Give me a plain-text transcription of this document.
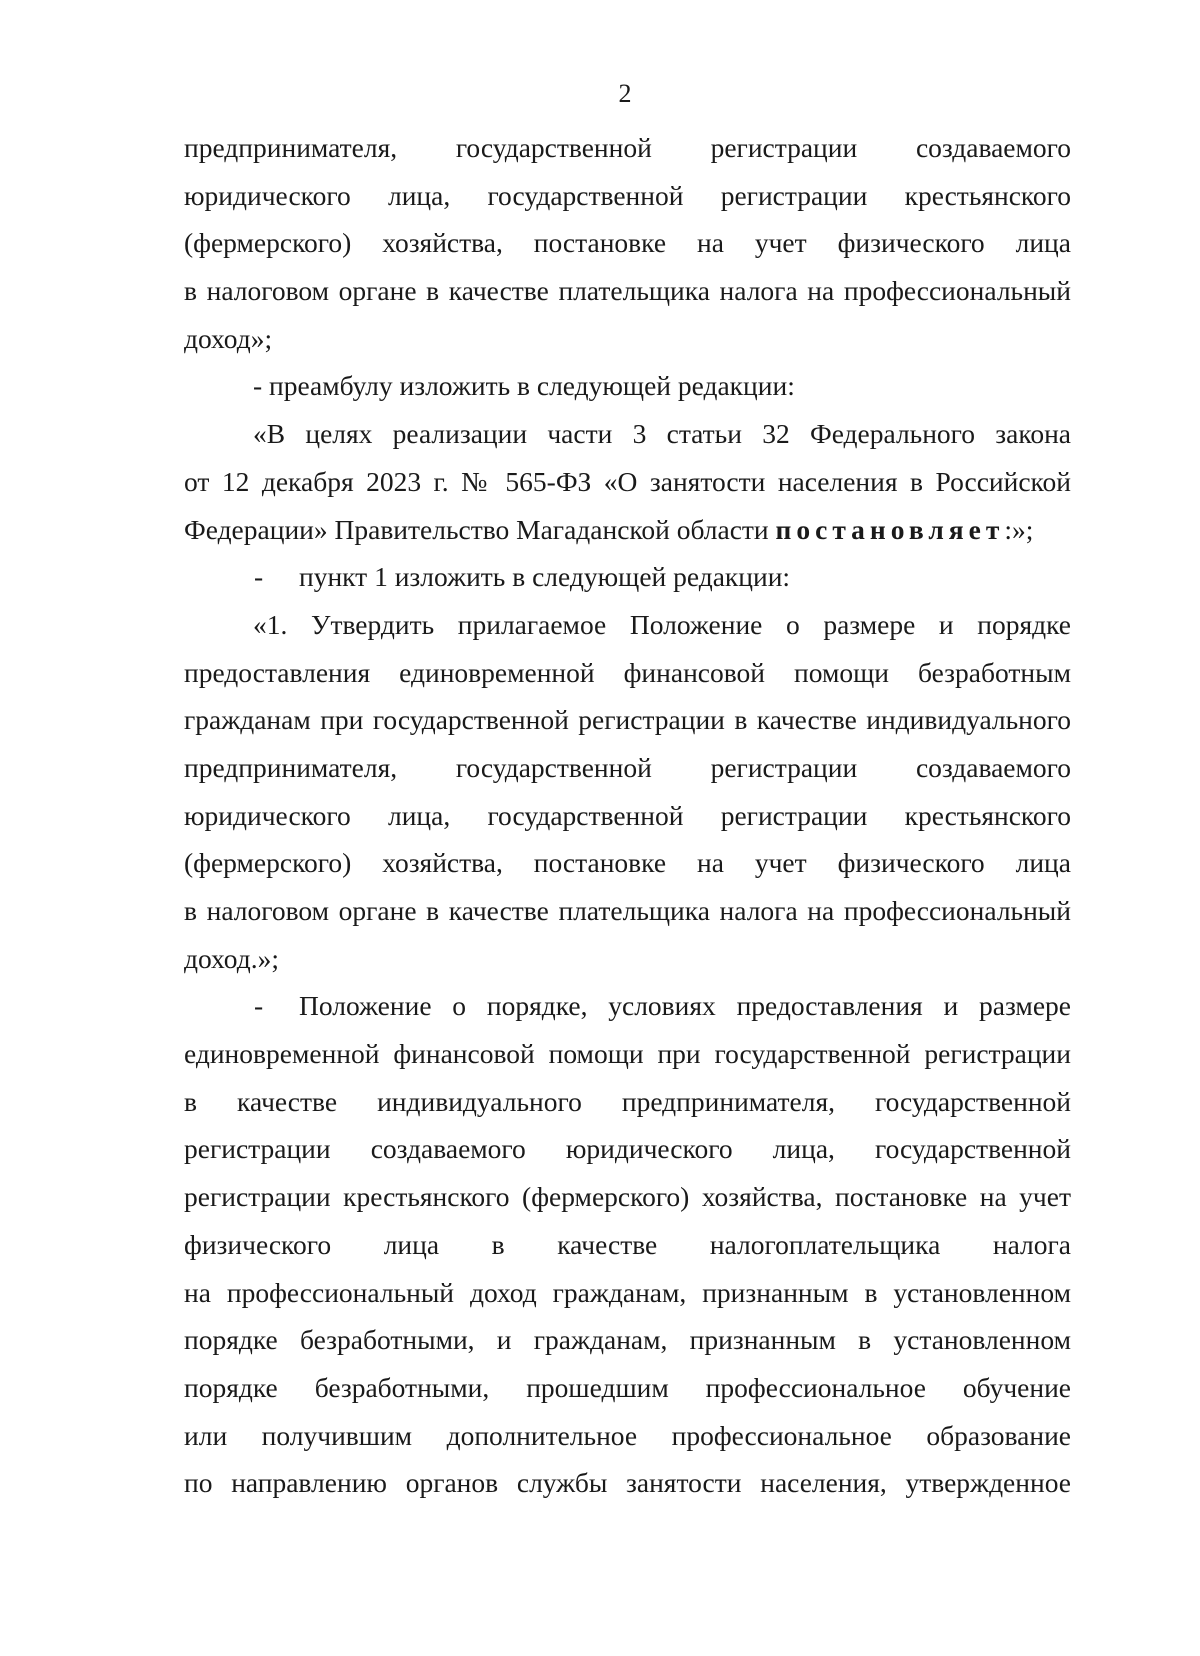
2
предпринимателя, государственной регистрации создаваемого
юридического лица, государственной регистрации крестьянского
(фермерского) хозяйства, постановке на учет физического лица
в налоговом органе в качестве плательщика налога на профессиональный
доход»;
- преамбулу изложить в следующей редакции:
«В целях реализации части 3 статьи 32 Федерального закона
от 12 декабря 2023 г. № 565-ФЗ «О занятости населения в Российской
Федерации» Правительство Магаданской области постановляет:»;
- пункт 1 изложить в следующей редакции:
«1. Утвердить прилагаемое Положение о размере и порядке
предоставления единовременной финансовой помощи безработным
гражданам при государственной регистрации в качестве индивидуального
предпринимателя, государственной регистрации создаваемого
юридического лица, государственной регистрации крестьянского
(фермерского) хозяйства, постановке на учет физического лица
в налоговом органе в качестве плательщика налога на профессиональный
доход.»;
- Положение о порядке, условиях предоставления и размере
единовременной финансовой помощи при государственной регистрации
в качестве индивидуального предпринимателя, государственной
регистрации создаваемого юридического лица, государственной
регистрации крестьянского (фермерского) хозяйства, постановке на учет
физического лица в качестве налогоплательщика налога
на профессиональный доход гражданам, признанным в установленном
порядке безработными, и гражданам, признанным в установленном
порядке безработными, прошедшим профессиональное обучение
или получившим дополнительное профессиональное образование
по направлению органов службы занятости населения, утвержденное
